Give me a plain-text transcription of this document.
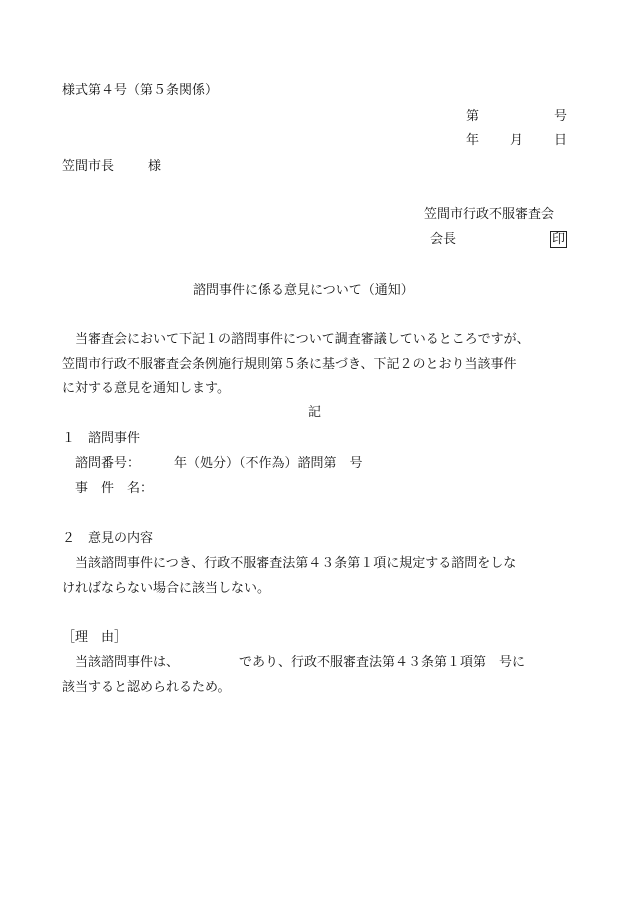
様式第４号（第５条関係）
第	号
年 月 日
笠間市長	様
笠間市行政不服審査会
会長	印
諮問事件に係る意見について（通知）
当審査会において下記１の諮問事件について調査審議しているところですが、
笠間市行政不服審査会条例施行規則第５条に基づき、下記２のとおり当該事件
に対する意見を通知します。
記
１　諮問事件
諮問番号：	年（処分）（不作為）諮問第　号
事　件　名：
２　意見の内容
当該諮問事件につき、行政不服審査法第４３条第１項に規定する諮問をしな
ければならない場合に該当しない。
［理　由］
当該諮問事件は、	であり、行政不服審査法第４３条第１項第　号に
該当すると認められるため。
